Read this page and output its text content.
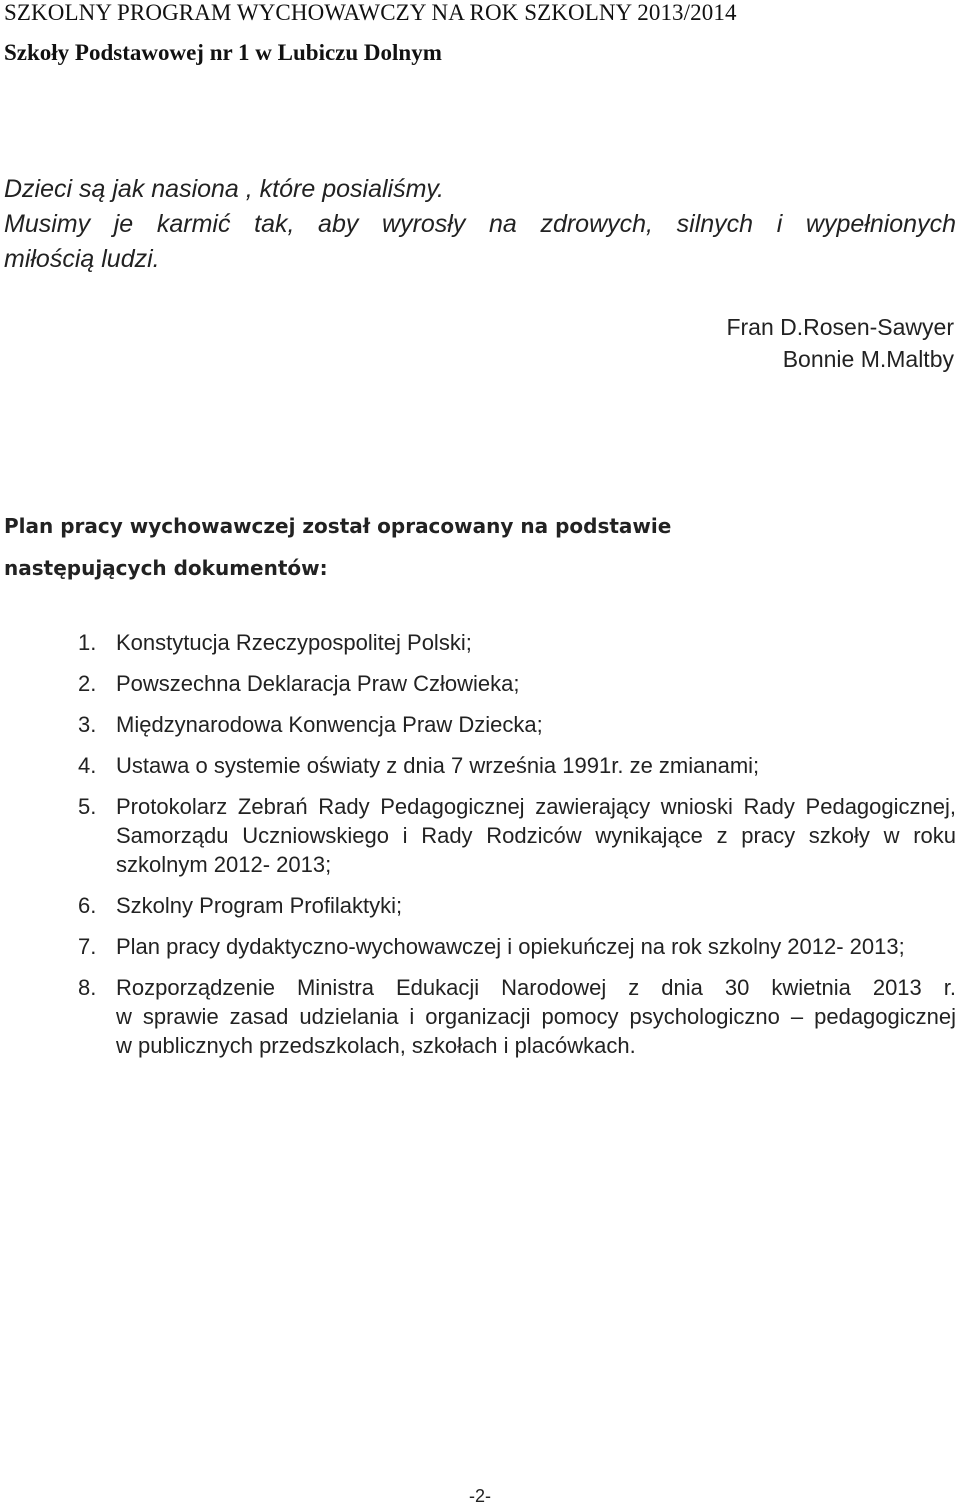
SZKOLNY PROGRAM WYCHOWAWCZY NA ROK SZKOLNY 2013/2014
Szkoły Podstawowej nr 1 w Lubiczu Dolnym
Dzieci są jak nasiona , które posialiśmy.
Musimy je karmić tak, aby wyrosły na zdrowych, silnych i wypełnionych
miłością ludzi.
Fran D.Rosen-Sawyer
Bonnie M.Maltby
Plan pracy wychowawczej został opracowany na podstawie
następujących dokumentów:
1. Konstytucja Rzeczypospolitej Polski;
2. Powszechna Deklaracja Praw Człowieka;
3. Międzynarodowa Konwencja Praw Dziecka;
4. Ustawa o systemie oświaty z dnia 7 września 1991r. ze zmianami;
5. Protokolarz Zebrań Rady Pedagogicznej zawierający wnioski Rady Pedagogicznej,
Samorządu Uczniowskiego i Rady Rodziców wynikające z pracy szkoły w roku
szkolnym 2012- 2013;
6. Szkolny Program Profilaktyki;
7. Plan pracy dydaktyczno-wychowawczej i opiekuńczej na rok szkolny 2012- 2013;
8. Rozporządzenie Ministra Edukacji Narodowej z dnia 30 kwietnia 2013 r.
w sprawie zasad udzielania i organizacji pomocy psychologiczno – pedagogicznej
w publicznych przedszkolach, szkołach i placówkach.
-2-
